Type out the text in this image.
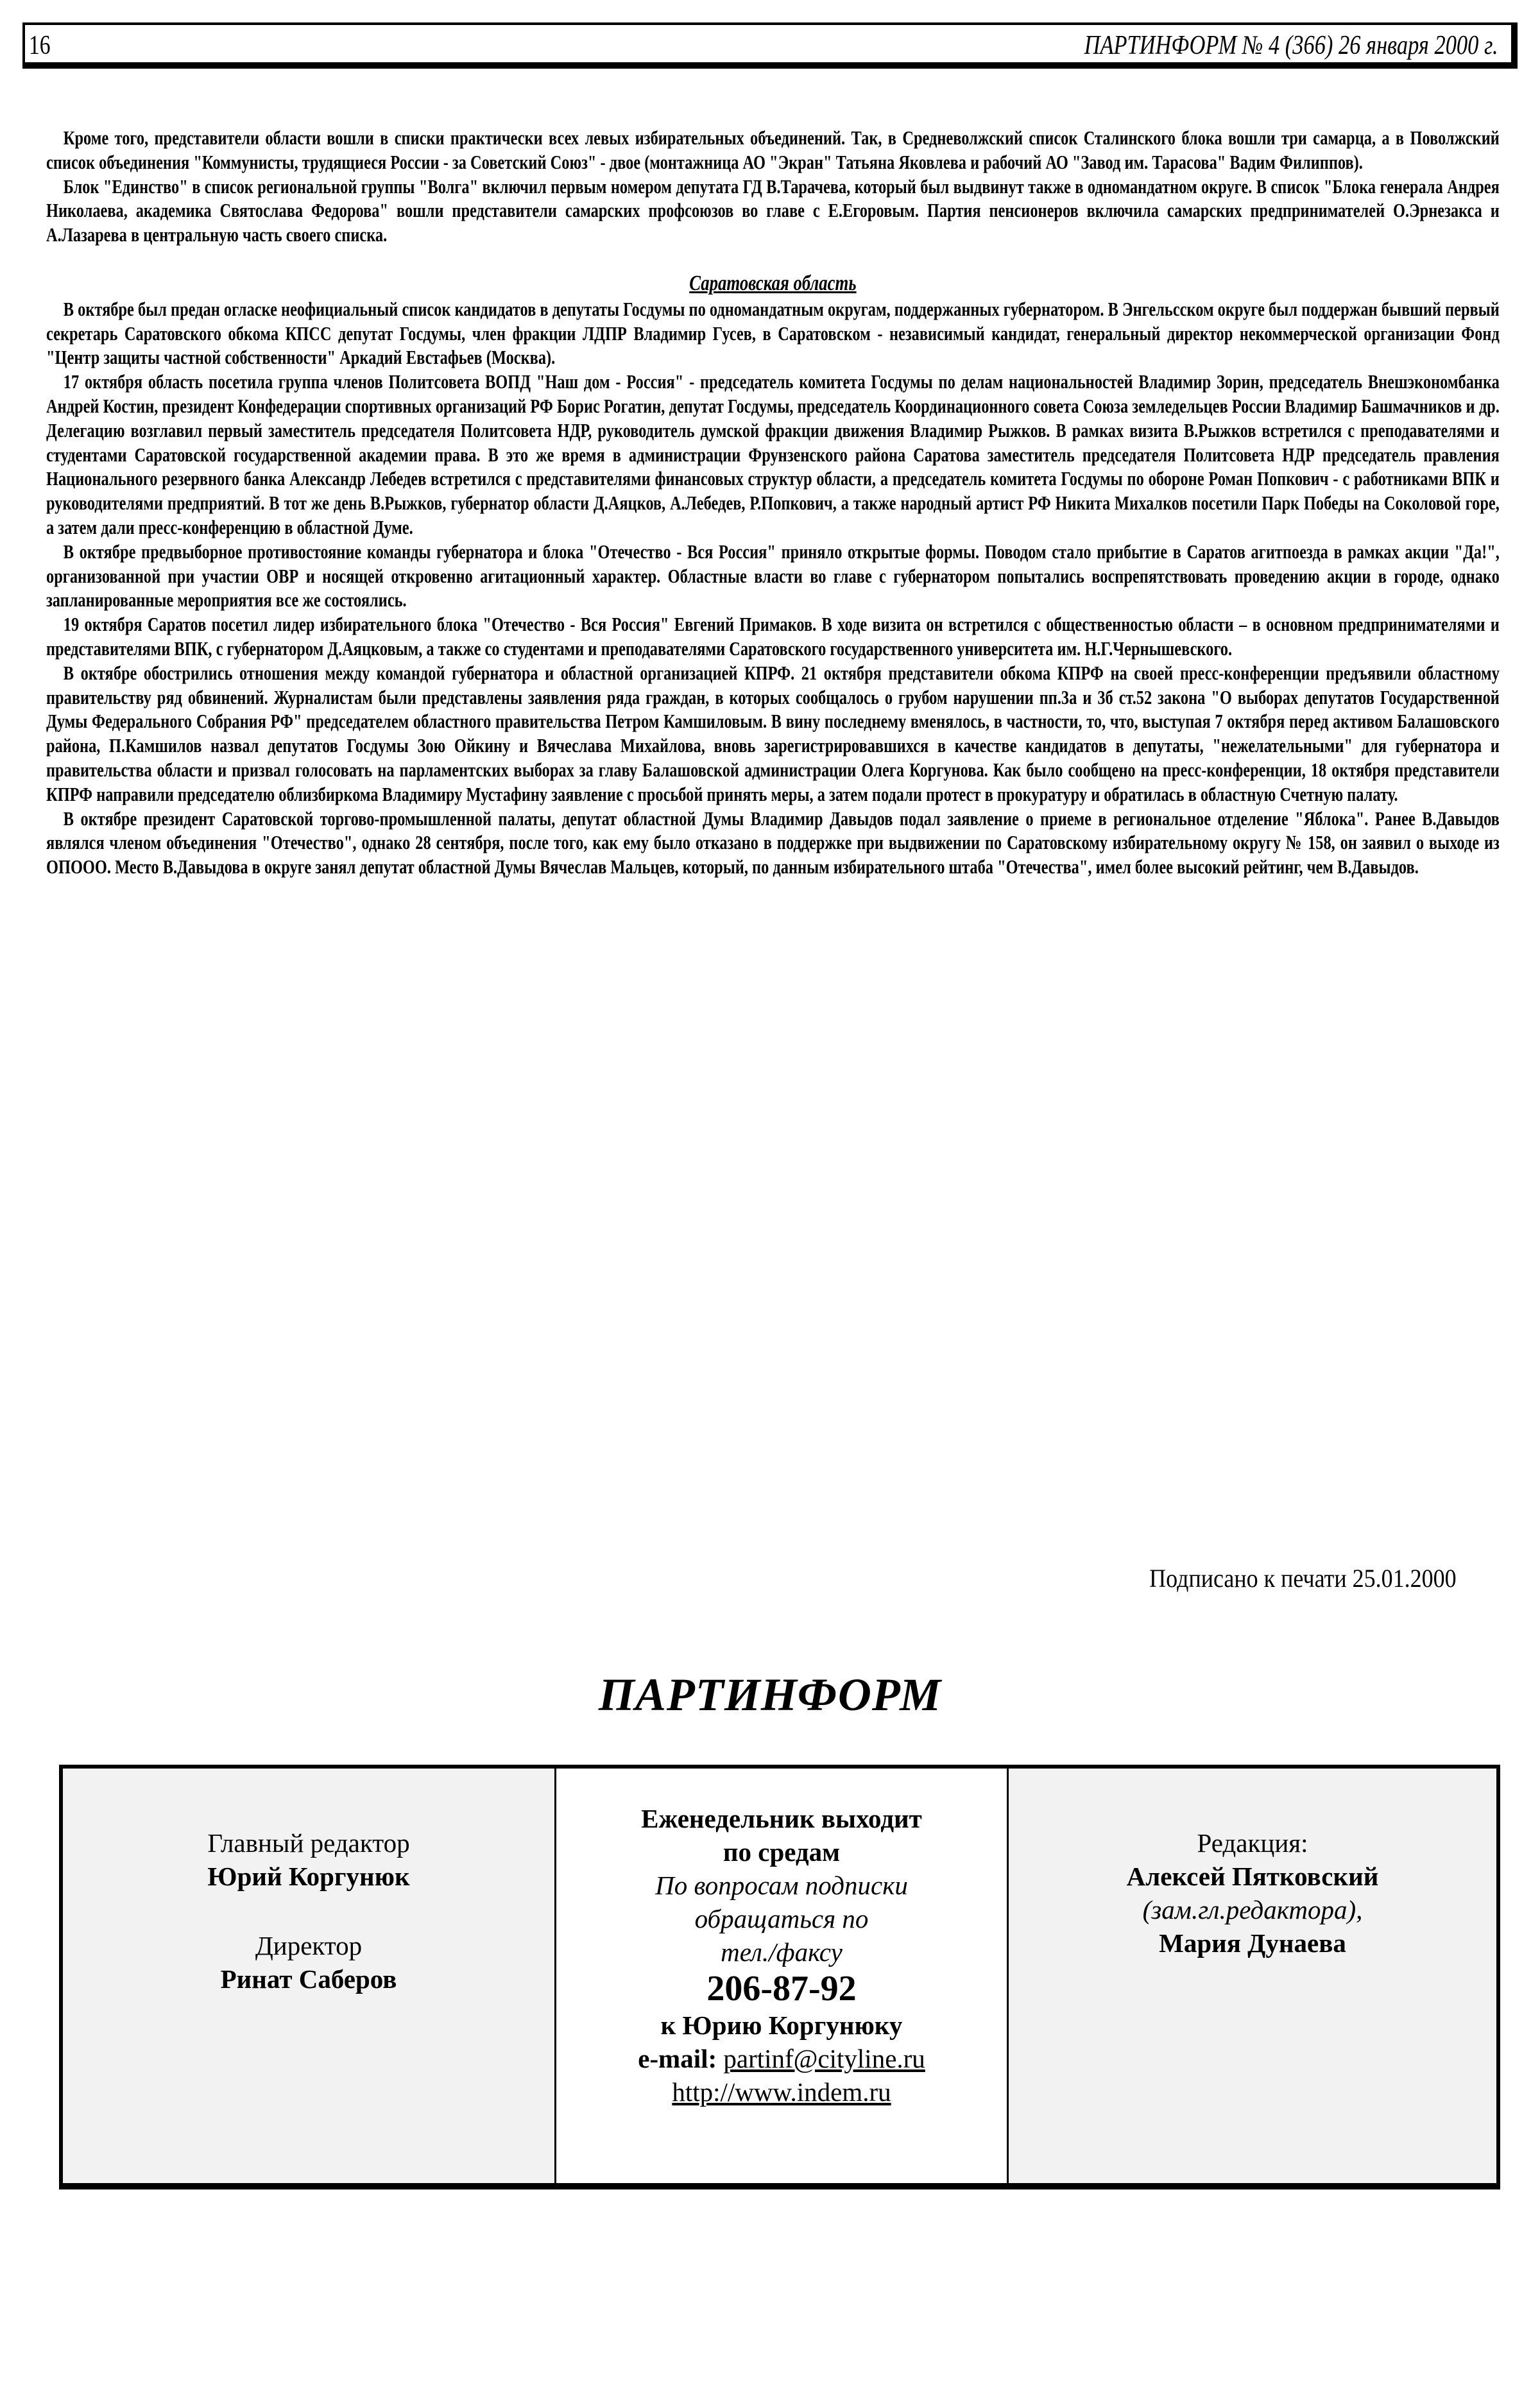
16	ПАРТИНФОРМ № 4 (366) 26 января 2000 г.

Кроме того, представители области вошли в списки практически всех левых избирательных объединений. Так, в Средневолжский список Сталинского блока вошли три самарца, а в Поволжский список объединения "Коммунисты, трудящиеся России - за Советский Союз" - двое (монтажница АО "Экран" Татьяна Яковлева и рабочий АО "Завод им. Тарасова" Вадим Филиппов).

Блок "Единство" в список региональной группы "Волга" включил первым номером депутата ГД В.Тарачева, который был выдвинут также в одномандатном округе. В список "Блока генерала Андрея Николаева, академика Святослава Федорова" вошли представители самарских профсоюзов во главе с Е.Егоровым. Партия пенсионеров включила самарских предпринимателей О.Эрнезакса и А.Лазарева в центральную часть своего списка.

Саратовская область

В октябре был предан огласке неофициальный список кандидатов в депутаты Госдумы по одномандатным округам, поддержанных губернатором. В Энгельсском округе был поддержан бывший первый секретарь Саратовского обкома КПСС депутат Госдумы, член фракции ЛДПР Владимир Гусев, в Саратовском - независимый кандидат, генеральный директор некоммерческой организации Фонд "Центр защиты частной собственности" Аркадий Евстафьев (Москва).

17 октября область посетила группа членов Политсовета ВОПД "Наш дом - Россия" - председатель комитета Госдумы по делам национальностей Владимир Зорин, председатель Внешэкономбанка Андрей Костин, президент Конфедерации спортивных организаций РФ Борис Рогатин, депутат Госдумы, председатель Координационного совета Союза земледельцев России Владимир Башмачников и др. Делегацию возглавил первый заместитель председателя Политсовета НДР, руководитель думской фракции движения Владимир Рыжков. В рамках визита В.Рыжков встретился с преподавателями и студентами Саратовской государственной академии права. В это же время в администрации Фрунзенского района Саратова заместитель председателя Политсовета НДР председатель правления Национального резервного банка Александр Лебедев встретился с представителями финансовых структур области, а председатель комитета Госдумы по обороне Роман Попкович - с работниками ВПК и руководителями предприятий. В тот же день В.Рыжков, губернатор области Д.Аяцков, А.Лебедев, Р.Попкович, а также народный артист РФ Никита Михалков посетили Парк Победы на Соколовой горе, а затем дали пресс-конференцию в областной Думе.

В октябре предвыборное противостояние команды губернатора и блока "Отечество - Вся Россия" приняло открытые формы. Поводом стало прибытие в Саратов агитпоезда в рамках акции "Да!", организованной при участии ОВР и носящей откровенно агитационный характер. Областные власти во главе с губернатором попытались воспрепятствовать проведению акции в городе, однако запланированные мероприятия все же состоялись.

19 октября Саратов посетил лидер избирательного блока "Отечество - Вся Россия" Евгений Примаков. В ходе визита он встретился с общественностью области – в основном предпринимателями и представителями ВПК, с губернатором Д.Аяцковым, а также со студентами и преподавателями Саратовского государственного университета им. Н.Г.Чернышевского.

В октябре обострились отношения между командой губернатора и областной организацией КПРФ. 21 октября представители обкома КПРФ на своей пресс-конференции предъявили областному правительству ряд обвинений. Журналистам были представлены заявления ряда граждан, в которых сообщалось о грубом нарушении пп.3а и 3б ст.52 закона "О выборах депутатов Государственной Думы Федерального Собрания РФ" председателем областного правительства Петром Камшиловым. В вину последнему вменялось, в частности, то, что, выступая 7 октября перед активом Балашовского района, П.Камшилов назвал депутатов Госдумы Зою Ойкину и Вячеслава Михайлова, вновь зарегистрировавшихся в качестве кандидатов в депутаты, "нежелательными" для губернатора и правительства области и призвал голосовать на парламентских выборах за главу Балашовской администрации Олега Коргунова. Как было сообщено на пресс-конференции, 18 октября представители КПРФ направили председателю облизбиркома Владимиру Мустафину заявление с просьбой принять меры, а затем подали протест в прокуратуру и обратилась в областную Счетную палату.

В октябре президент Саратовской торгово-промышленной палаты, депутат областной Думы Владимир Давыдов подал заявление о приеме в региональное отделение "Яблока". Ранее В.Давыдов являлся членом объединения "Отечество", однако 28 сентября, после того, как ему было отказано в поддержке при выдвижении по Саратовскому избирательному округу № 158, он заявил о выходе из ОПООО. Место В.Давыдова в округе занял депутат областной Думы Вячеслав Мальцев, который, по данным избирательного штаба "Отечества", имел более высокий рейтинг, чем В.Давыдов.

Подписано к печати 25.01.2000
ПАРТИНФОРМ
Главный редактор
Юрий Коргунюк
Директор
Ринат Саберов
Еженедельник выходит
по средам
По вопросам подписки
обращаться по
тел./факсу
206-87-92
к Юрию Коргунюку
e-mail: partinf@cityline.ru
http://www.indem.ru
Редакция:
Алексей Пятковский
(зам.гл.редактора),
Мария Дунаева
